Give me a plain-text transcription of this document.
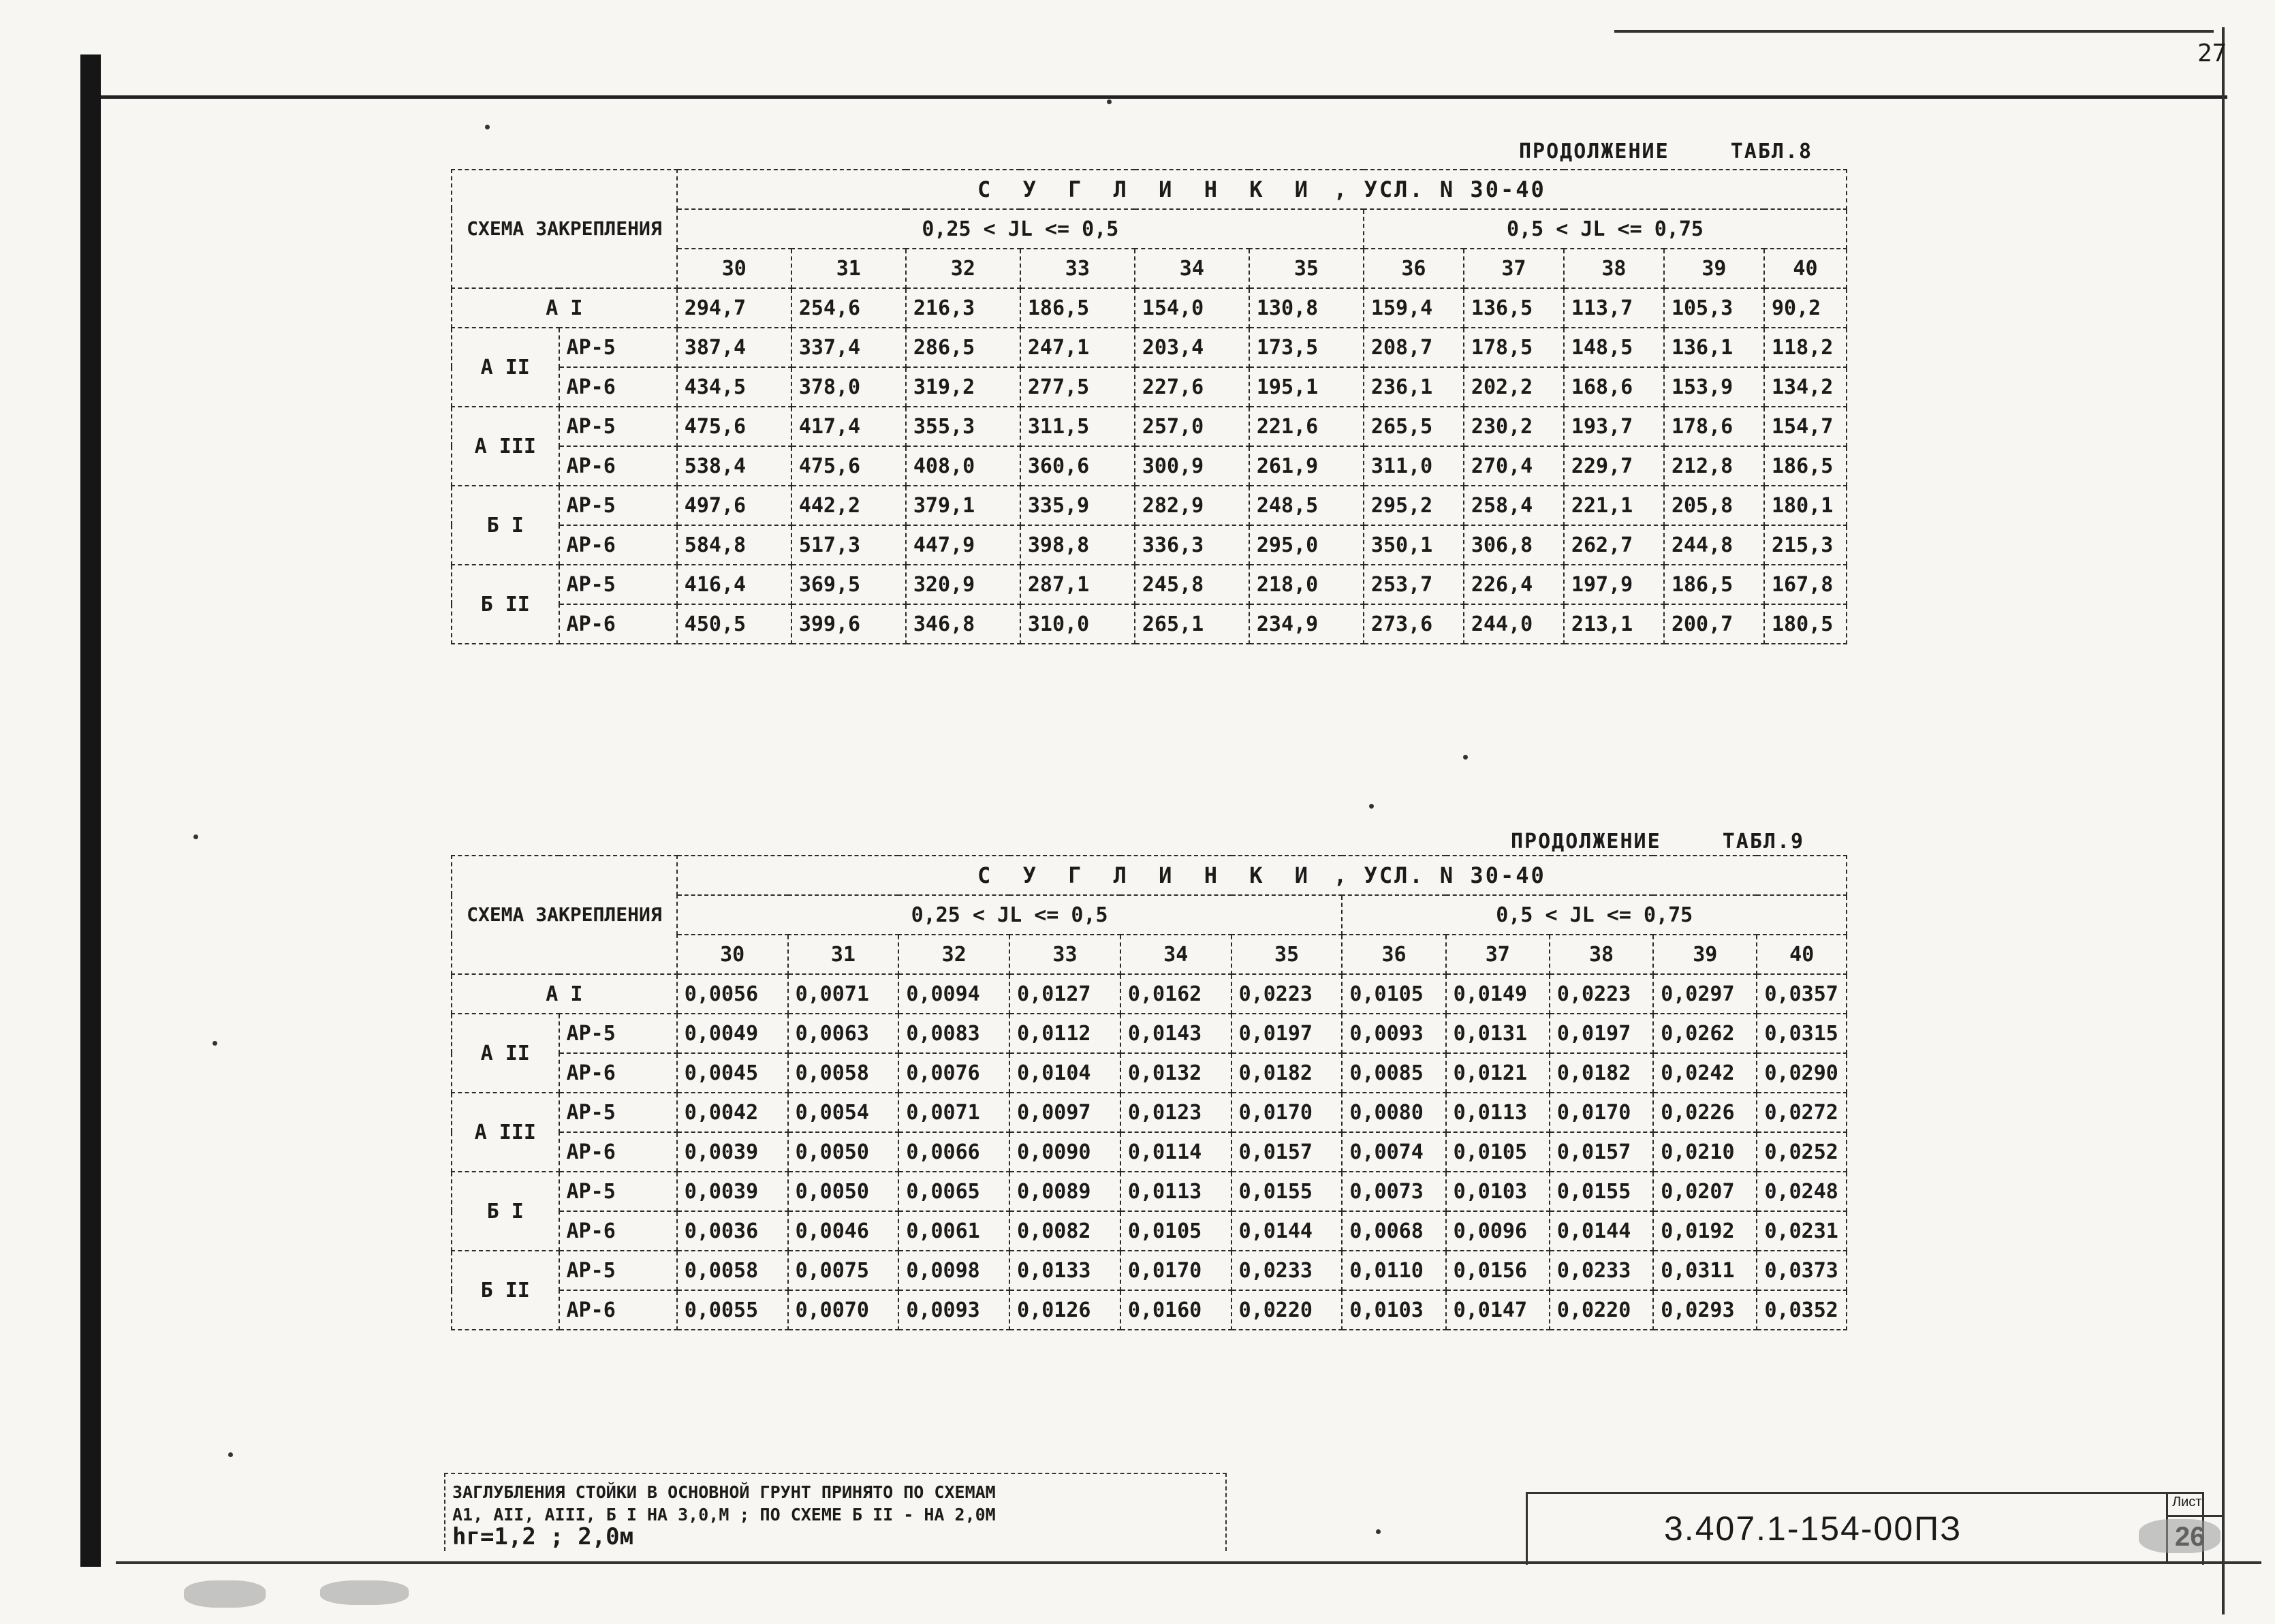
27
ПРОДОЛЖЕНИЕ	ТАБЛ.8
СХЕМА ЗАКРЕПЛЕНИЯ		С У Г Л И Н К И , УСЛ. N 30-40										
		0,25 < JL <= 0,5						0,5 < JL <= 0,75				
		30	31	32	33	34	35	36	37	38	39	40
А I		294,7	254,6	216,3	186,5	154,0	130,8	159,4	136,5	113,7	105,3	90,2
А II	АР-5	387,4	337,4	286,5	247,1	203,4	173,5	208,7	178,5	148,5	136,1	118,2
	АР-6	434,5	378,0	319,2	277,5	227,6	195,1	236,1	202,2	168,6	153,9	134,2
А III	АР-5	475,6	417,4	355,3	311,5	257,0	221,6	265,5	230,2	193,7	178,6	154,7
	АР-6	538,4	475,6	408,0	360,6	300,9	261,9	311,0	270,4	229,7	212,8	186,5
Б I	АР-5	497,6	442,2	379,1	335,9	282,9	248,5	295,2	258,4	221,1	205,8	180,1
	АР-6	584,8	517,3	447,9	398,8	336,3	295,0	350,1	306,8	262,7	244,8	215,3
Б II	АР-5	416,4	369,5	320,9	287,1	245,8	218,0	253,7	226,4	197,9	186,5	167,8
	АР-6	450,5	399,6	346,8	310,0	265,1	234,9	273,6	244,0	213,1	200,7	180,5
ПРОДОЛЖЕНИЕ	ТАБЛ.9
СХЕМА ЗАКРЕПЛЕНИЯ		С У Г Л И Н К И , УСЛ. N 30-40										
		0,25 < JL <= 0,5						0,5 < JL <= 0,75				
		30	31	32	33	34	35	36	37	38	39	40
А I		0,0056	0,0071	0,0094	0,0127	0,0162	0,0223	0,0105	0,0149	0,0223	0,0297	0,0357
А II	АР-5	0,0049	0,0063	0,0083	0,0112	0,0143	0,0197	0,0093	0,0131	0,0197	0,0262	0,0315
	АР-6	0,0045	0,0058	0,0076	0,0104	0,0132	0,0182	0,0085	0,0121	0,0182	0,0242	0,0290
А III	АР-5	0,0042	0,0054	0,0071	0,0097	0,0123	0,0170	0,0080	0,0113	0,0170	0,0226	0,0272
	АР-6	0,0039	0,0050	0,0066	0,0090	0,0114	0,0157	0,0074	0,0105	0,0157	0,0210	0,0252
Б I	АР-5	0,0039	0,0050	0,0065	0,0089	0,0113	0,0155	0,0073	0,0103	0,0155	0,0207	0,0248
	АР-6	0,0036	0,0046	0,0061	0,0082	0,0105	0,0144	0,0068	0,0096	0,0144	0,0192	0,0231
Б II	АР-5	0,0058	0,0075	0,0098	0,0133	0,0170	0,0233	0,0110	0,0156	0,0233	0,0311	0,0373
	АР-6	0,0055	0,0070	0,0093	0,0126	0,0160	0,0220	0,0103	0,0147	0,0220	0,0293	0,0352
ЗАГЛУБЛЕНИЯ СТОЙКИ В ОСНОВНОЙ ГРУНТ ПРИНЯТО ПО СХЕМАМ
А1, АII, АIII, Б I НА 3,0,М ; ПО СХЕМЕ Б II - НА 2,0М
hг=1,2 ; 2,0м	3.407.1-154-00ПЗ
Лист
